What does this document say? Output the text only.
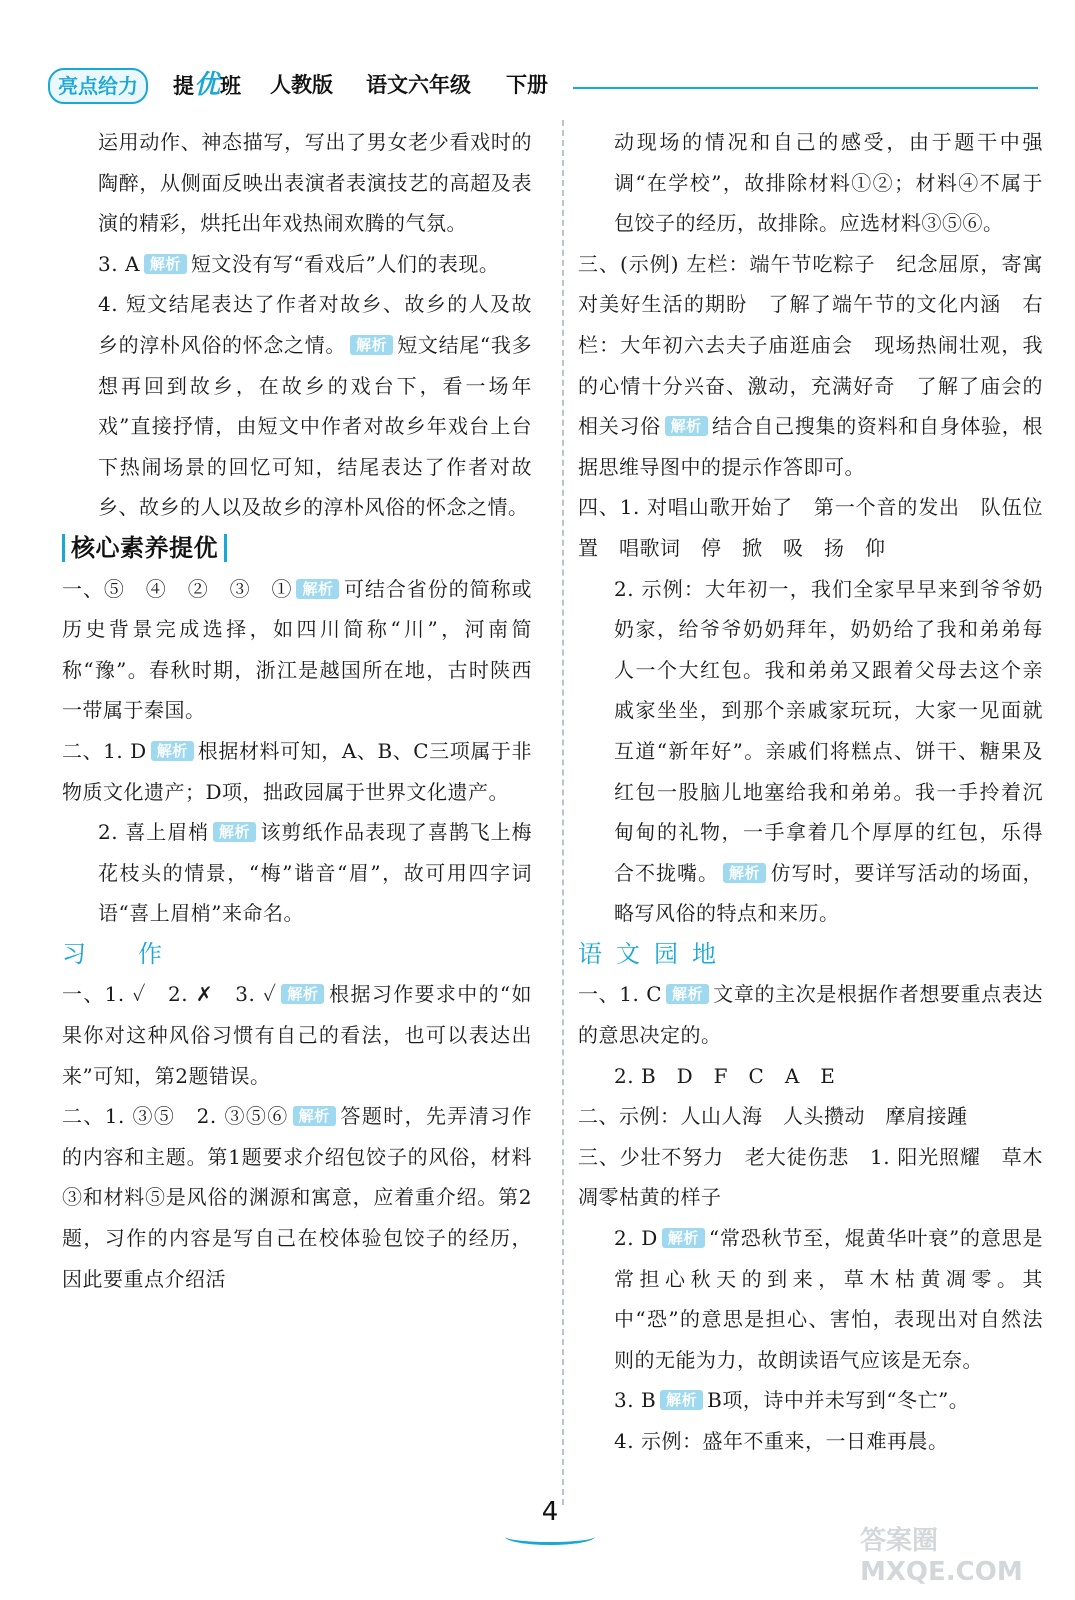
亮点给力	提优班 人教版 语文六年级 下册

运用动作、神态描写，写出了男女老少看戏时的陶醉，从侧面反映出表演者表演技艺的高超及表演的精彩，烘托出年戏热闹欢腾的气氛。

3. A 解析 短文没有写“看戏后”人们的表现。

4. 短文结尾表达了作者对故乡、故乡的人及故乡的淳朴风俗的怀念之情。 解析 短文结尾“我多想再回到故乡，在故乡的戏台下，看一场年戏”直接抒情，由短文中作者对故乡年戏台上台下热闹场景的回忆可知，结尾表达了作者对故乡、故乡的人以及故乡的淳朴风俗的怀念之情。

核心素养提优

一、⑤　④　②　③　① 解析 可结合省份的简称或历史背景完成选择，如四川简称“川”，河南简称“豫”。春秋时期，浙江是越国所在地，古时陕西一带属于秦国。

二、1. D 解析 根据材料可知，A、B、C三项属于非物质文化遗产；D项，拙政园属于世界文化遗产。

2. 喜上眉梢 解析 该剪纸作品表现了喜鹊飞上梅花枝头的情景，“梅”谐音“眉”，故可用四字词语“喜上眉梢”来命名。

习　作

一、1. ✓　2. ✗　3. ✓ 解析 根据习作要求中的“如果你对这种风俗习惯有自己的看法，也可以表达出来”可知，第2题错误。

二、1. ③⑤　2. ③⑤⑥ 解析 答题时，先弄清习作的内容和主题。第1题要求介绍包饺子的风俗，材料③和材料⑤是风俗的渊源和寓意，应着重介绍。第2题，习作的内容是写自己在校体验包饺子的经历，因此要重点介绍活

动现场的情况和自己的感受，由于题干中强调“在学校”，故排除材料①②；材料④不属于包饺子的经历，故排除。应选材料③⑤⑥。

三、(示例) 左栏：端午节吃粽子　纪念屈原，寄寓对美好生活的期盼　了解了端午节的文化内涵　右栏：大年初六去夫子庙逛庙会　现场热闹壮观，我的心情十分兴奋、激动，充满好奇　了解了庙会的相关习俗 解析 结合自己搜集的资料和自身体验，根据思维导图中的提示作答即可。

四、1. 对唱山歌开始了　第一个音的发出　队伍位置　唱歌词　停　掀　吸　扬　仰

2. 示例：大年初一，我们全家早早来到爷爷奶奶家，给爷爷奶奶拜年，奶奶给了我和弟弟每人一个大红包。我和弟弟又跟着父母去这个亲戚家坐坐，到那个亲戚家玩玩，大家一见面就互道“新年好”。亲戚们将糕点、饼干、糖果及红包一股脑儿地塞给我和弟弟。我一手拎着沉甸甸的礼物，一手拿着几个厚厚的红包，乐得合不拢嘴。 解析 仿写时，要详写活动的场面，略写风俗的特点和来历。

语文园地

一、1. C 解析 文章的主次是根据作者想要重点表达的意思决定的。

2. B　D　F　C　A　E

二、示例：人山人海　人头攒动　摩肩接踵

三、少壮不努力　老大徒伤悲　1. 阳光照耀　草木凋零枯黄的样子

2. D 解析 “常恐秋节至，焜黄华叶衰”的意思是常担心秋天的到来，草木枯黄凋零。其中“恐”的意思是担心、害怕，表现出对自然法则的无能为力，故朗读语气应该是无奈。

3. B 解析 B项，诗中并未写到“冬亡”。

4. 示例：盛年不重来，一日难再晨。

4
答案圈 MXQE.COM
